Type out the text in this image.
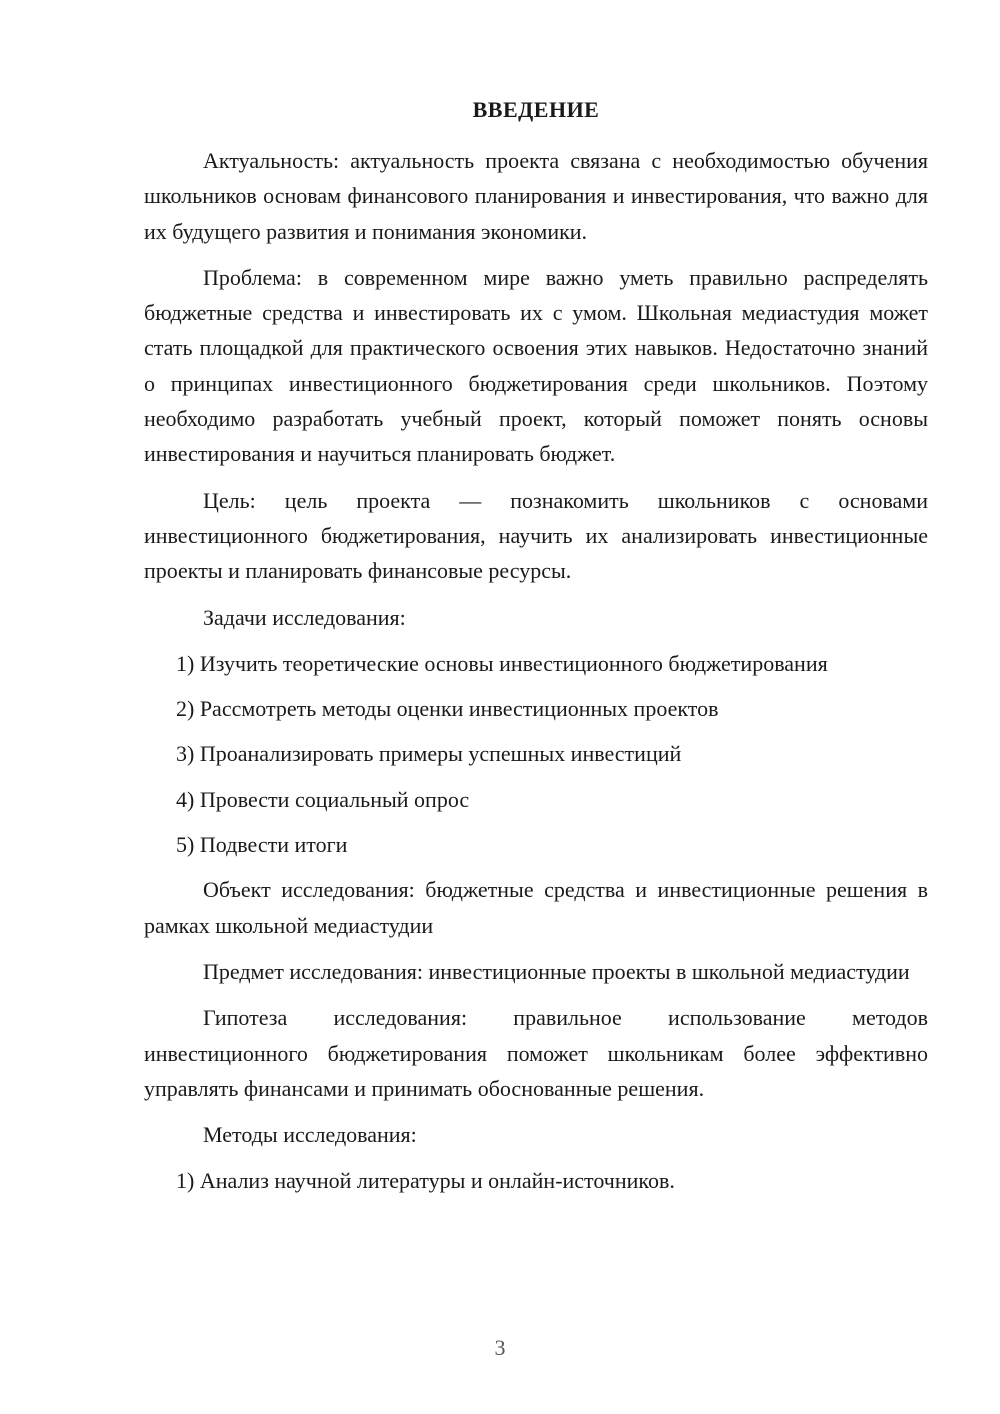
ВВЕДЕНИЕ

Актуальность: актуальность проекта связана с необходимостью обучения школьников основам финансового планирования и инвестирования, что важно для их будущего развития и понимания экономики.

Проблема: в современном мире важно уметь правильно распределять бюджетные средства и инвестировать их с умом. Школьная медиастудия может стать площадкой для практического освоения этих навыков. Недостаточно знаний о принципах инвестиционного бюджетирования среди школьников. Поэтому необходимо разработать учебный проект, который поможет понять основы инвестирования и научиться планировать бюджет.

Цель: цель проекта — познакомить школьников с основами инвестиционного бюджетирования, научить их анализировать инвестиционные проекты и планировать финансовые ресурсы.

Задачи исследования:

1) Изучить теоретические основы инвестиционного бюджетирования
2) Рассмотреть методы оценки инвестиционных проектов
3) Проанализировать примеры успешных инвестиций
4) Провести социальный опрос
5) Подвести итоги

Объект исследования: бюджетные средства и инвестиционные решения в рамках школьной медиастудии

Предмет исследования: инвестиционные проекты в школьной медиастудии

Гипотеза исследования: правильное использование методов инвестиционного бюджетирования поможет школьникам более эффективно управлять финансами и принимать обоснованные решения.

Методы исследования:

1) Анализ научной литературы и онлайн-источников.
3
